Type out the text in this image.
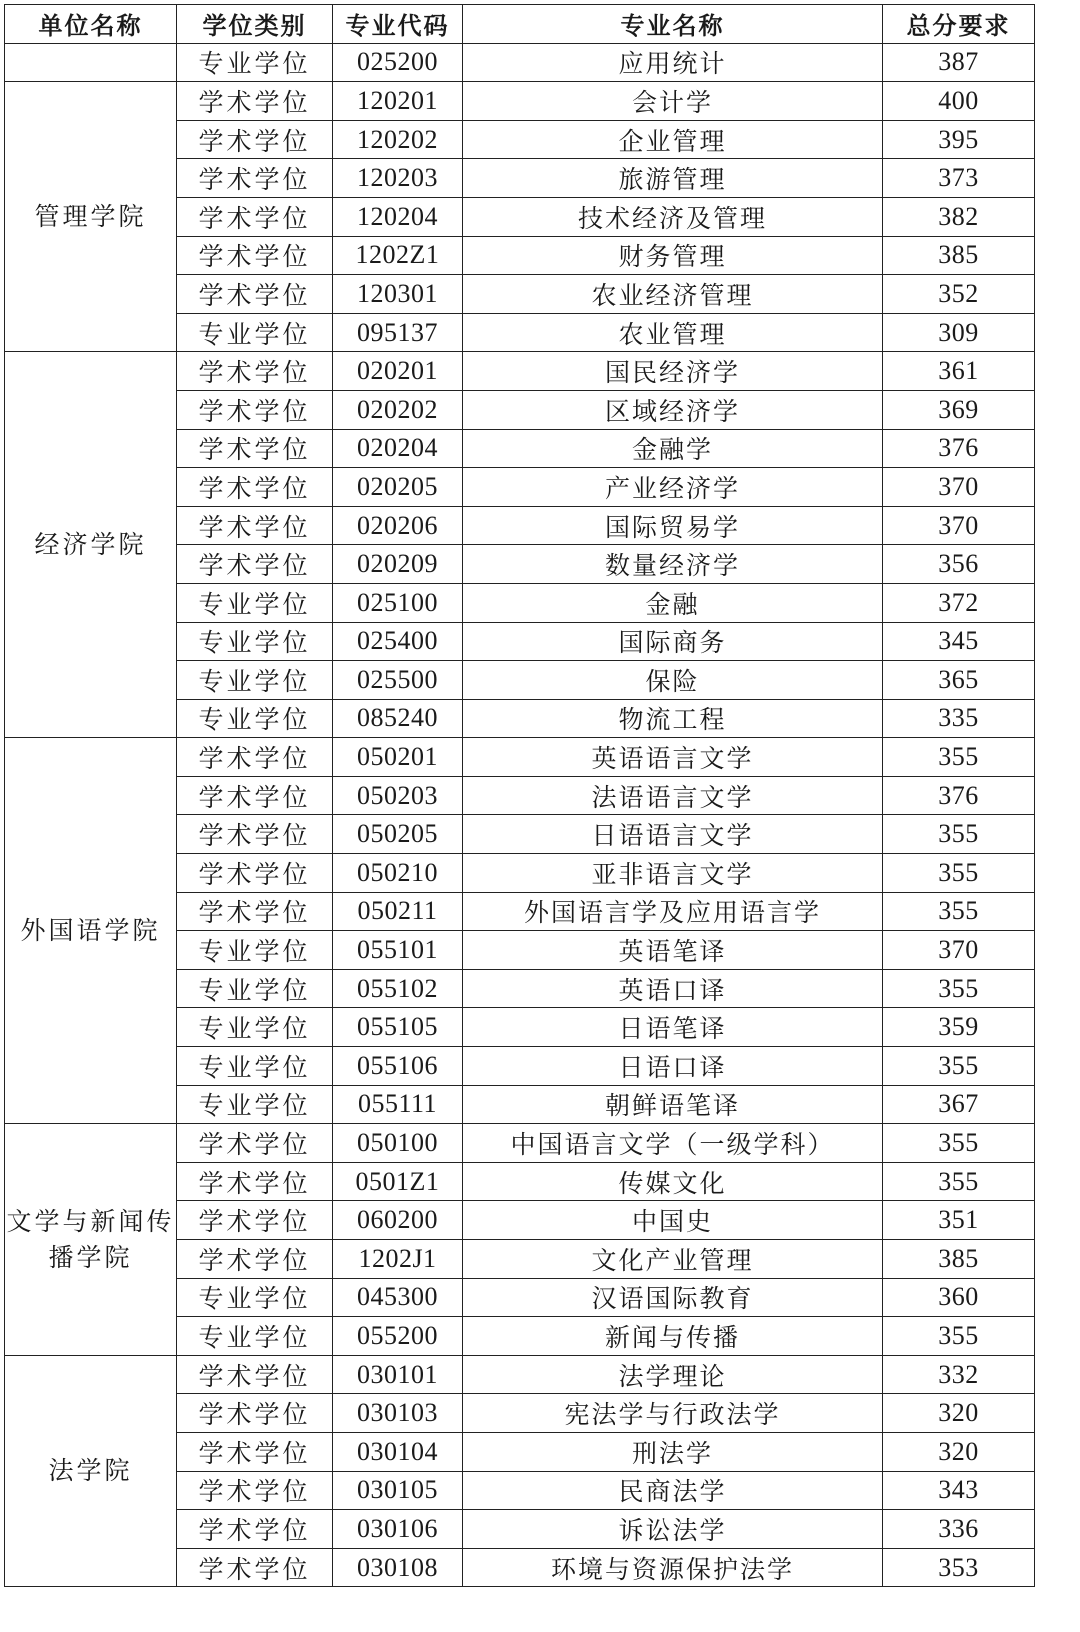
单位名称	学位类别	专业代码	专业名称	总分要求
	专业学位	025200	应用统计	387
管理学院	学术学位	120201	会计学	400
	学术学位	120202	企业管理	395
	学术学位	120203	旅游管理	373
	学术学位	120204	技术经济及管理	382
	学术学位	1202Z1	财务管理	385
	学术学位	120301	农业经济管理	352
	专业学位	095137	农业管理	309
经济学院	学术学位	020201	国民经济学	361
	学术学位	020202	区域经济学	369
	学术学位	020204	金融学	376
	学术学位	020205	产业经济学	370
	学术学位	020206	国际贸易学	370
	学术学位	020209	数量经济学	356
	专业学位	025100	金融	372
	专业学位	025400	国际商务	345
	专业学位	025500	保险	365
	专业学位	085240	物流工程	335
外国语学院	学术学位	050201	英语语言文学	355
	学术学位	050203	法语语言文学	376
	学术学位	050205	日语语言文学	355
	学术学位	050210	亚非语言文学	355
	学术学位	050211	外国语言学及应用语言学	355
	专业学位	055101	英语笔译	370
	专业学位	055102	英语口译	355
	专业学位	055105	日语笔译	359
	专业学位	055106	日语口译	355
	专业学位	055111	朝鲜语笔译	367
文学与新闻传播学院	学术学位	050100	中国语言文学（一级学科）	355
	学术学位	0501Z1	传媒文化	355
	学术学位	060200	中国史	351
	学术学位	1202J1	文化产业管理	385
	专业学位	045300	汉语国际教育	360
	专业学位	055200	新闻与传播	355
法学院	学术学位	030101	法学理论	332
	学术学位	030103	宪法学与行政法学	320
	学术学位	030104	刑法学	320
	学术学位	030105	民商法学	343
	学术学位	030106	诉讼法学	336
	学术学位	030108	环境与资源保护法学	353
